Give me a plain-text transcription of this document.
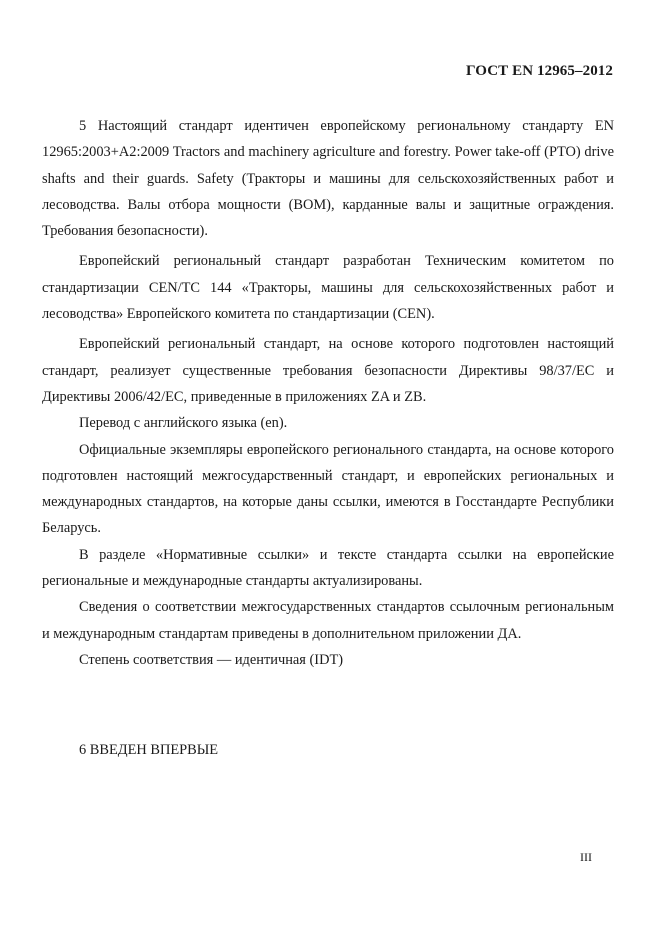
ГОСТ EN 12965–2012

5 Настоящий стандарт идентичен европейскому региональному стандарту EN 12965:2003+A2:2009 Tractors and machinery agriculture and forestry. Power take-off (PTO) drive shafts and their guards. Safety (Тракторы и машины для сельскохозяйственных работ и лесоводства. Валы отбора мощности (ВОМ), карданные валы и защитные ограждения. Требования безопасности).

Европейский региональный стандарт разработан Техническим комитетом по стандартизации CEN/TC 144 «Тракторы, машины для сельскохозяйственных работ и лесоводства» Европейского комитета по стандартизации (CEN).

Европейский региональный стандарт, на основе которого подготовлен настоящий стандарт, реализует существенные требования безопасности Директивы 98/37/EC и Директивы 2006/42/EC, приведенные в приложениях ZA и ZB.

Перевод с английского языка (en).

Официальные экземпляры европейского регионального стандарта, на основе которого подготовлен настоящий межгосударственный стандарт, и европейских региональных и международных стандартов, на которые даны ссылки, имеются в Госстандарте Республики Беларусь.

В разделе «Нормативные ссылки» и тексте стандарта ссылки на европейские региональные и международные стандарты актуализированы.

Сведения о соответствии межгосударственных стандартов ссылочным региональным и международным стандартам приведены в дополнительном приложении ДА.

Степень соответствия — идентичная (IDT)

6 ВВЕДЕН ВПЕРВЫЕ
III
